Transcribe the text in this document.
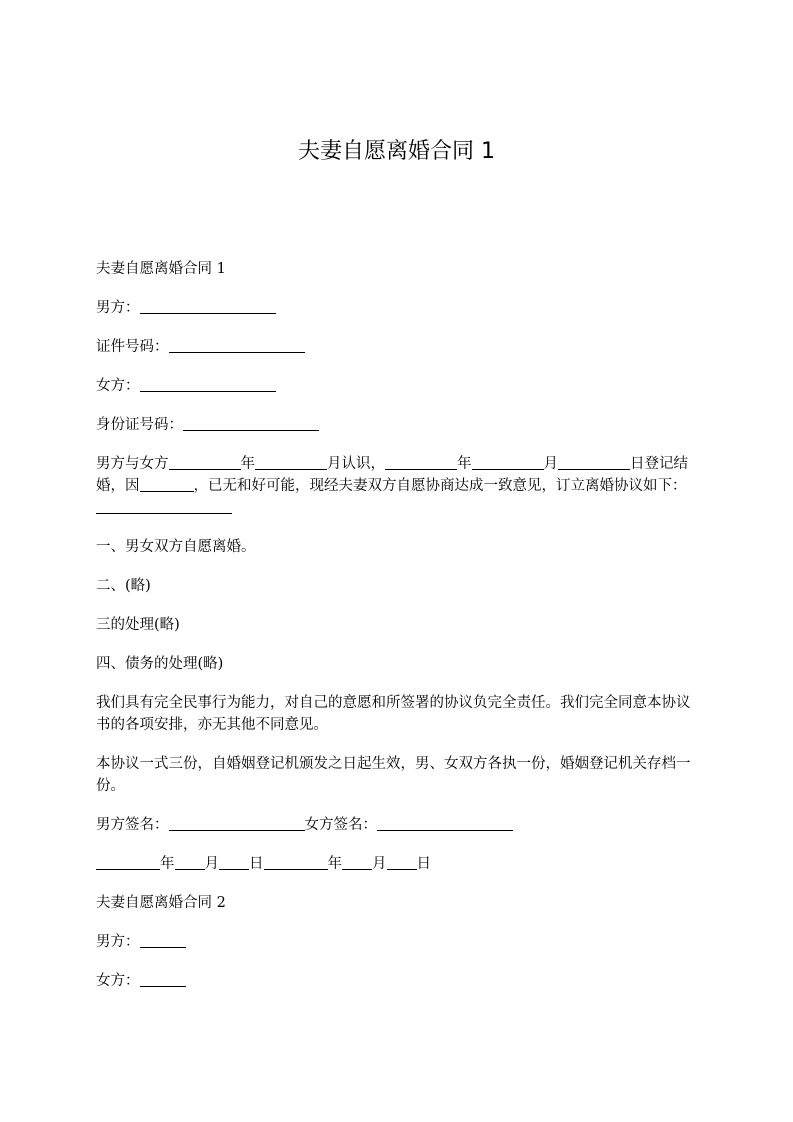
夫妻自愿离婚合同 1

夫妻自愿离婚合同 1

男方：

证件号码：

女方：

身份证号码：

男方与女方	年	月认识，	年	月	日登记结婚，因	，已无和好可能，现经夫妻双方自愿协商达成一致意见，订立离婚协议如下：

一、男女双方自愿离婚。

二、(略)

三的处理(略)

四、债务的处理(略)

我们具有完全民事行为能力，对自己的意愿和所签署的协议负完全责任。我们完全同意本协议书的各项安排，亦无其他不同意见。

本协议一式三份，自婚姻登记机颁发之日起生效，男、女双方各执一份，婚姻登记机关存档一份。

男方签名：	女方签名：

年 月 日	年 月 日

夫妻自愿离婚合同 2

男方：

女方：
